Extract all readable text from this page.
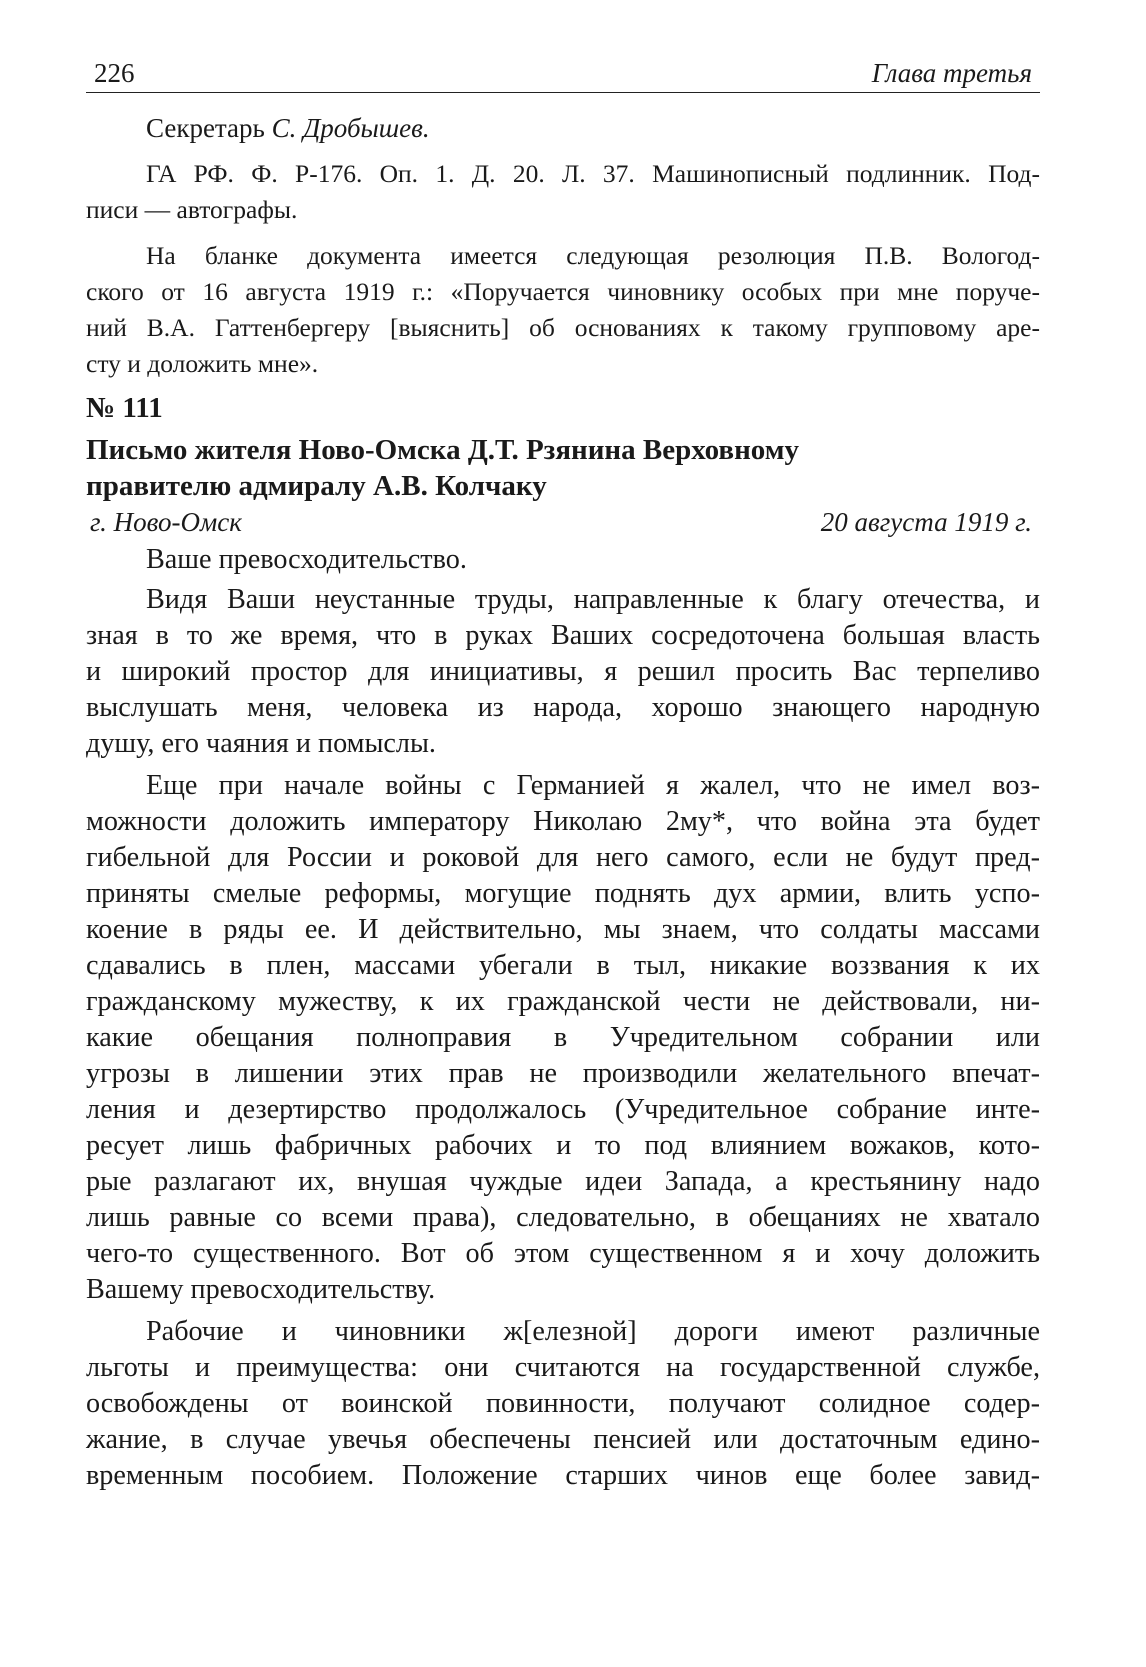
226	Глава третья
Секретарь С. Дробышев.
ГА РФ. Ф. Р-176. Оп. 1. Д. 20. Л. 37. Машинописный подлинник. Под-
писи — автографы.
На бланке документа имеется следующая резолюция П.В. Вологод-
ского от 16 августа 1919 г.: «Поручается чиновнику особых при мне поруче-
ний В.А. Гаттенбергеру [выяснить] об основаниях к такому групповому аре-
сту и доложить мне».
№ 111
Письмо жителя Ново-Омска Д.Т. Рзянина Верховному
правителю адмиралу А.В. Колчаку
г. Ново-Омск	20 августа 1919 г.
Ваше превосходительство.
Видя Ваши неустанные труды, направленные к благу отечества, и
зная в то же время, что в руках Ваших сосредоточена большая власть
и широкий простор для инициативы, я решил просить Вас терпеливо
выслушать меня, человека из народа, хорошо знающего народную
душу, его чаяния и помыслы.
Еще при начале войны с Германией я жалел, что не имел воз-
можности доложить императору Николаю 2му*, что война эта будет
гибельной для России и роковой для него самого, если не будут пред-
приняты смелые реформы, могущие поднять дух армии, влить успо-
коение в ряды ее. И действительно, мы знаем, что солдаты массами
сдавались в плен, массами убегали в тыл, никакие воззвания к их
гражданскому мужеству, к их гражданской чести не действовали, ни-
какие обещания полноправия в Учредительном собрании или
угрозы в лишении этих прав не производили желательного впечат-
ления и дезертирство продолжалось (Учредительное собрание инте-
ресует лишь фабричных рабочих и то под влиянием вожаков, кото-
рые разлагают их, внушая чуждые идеи Запада, а крестьянину надо
лишь равные со всеми права), следовательно, в обещаниях не хватало
чего-то существенного. Вот об этом существенном я и хочу доложить
Вашему превосходительству.
Рабочие и чиновники ж[елезной] дороги имеют различные
льготы и преимущества: они считаются на государственной службе,
освобождены от воинской повинности, получают солидное содер-
жание, в случае увечья обеспечены пенсией или достаточным едино-
временным пособием. Положение старших чинов еще более завид-
